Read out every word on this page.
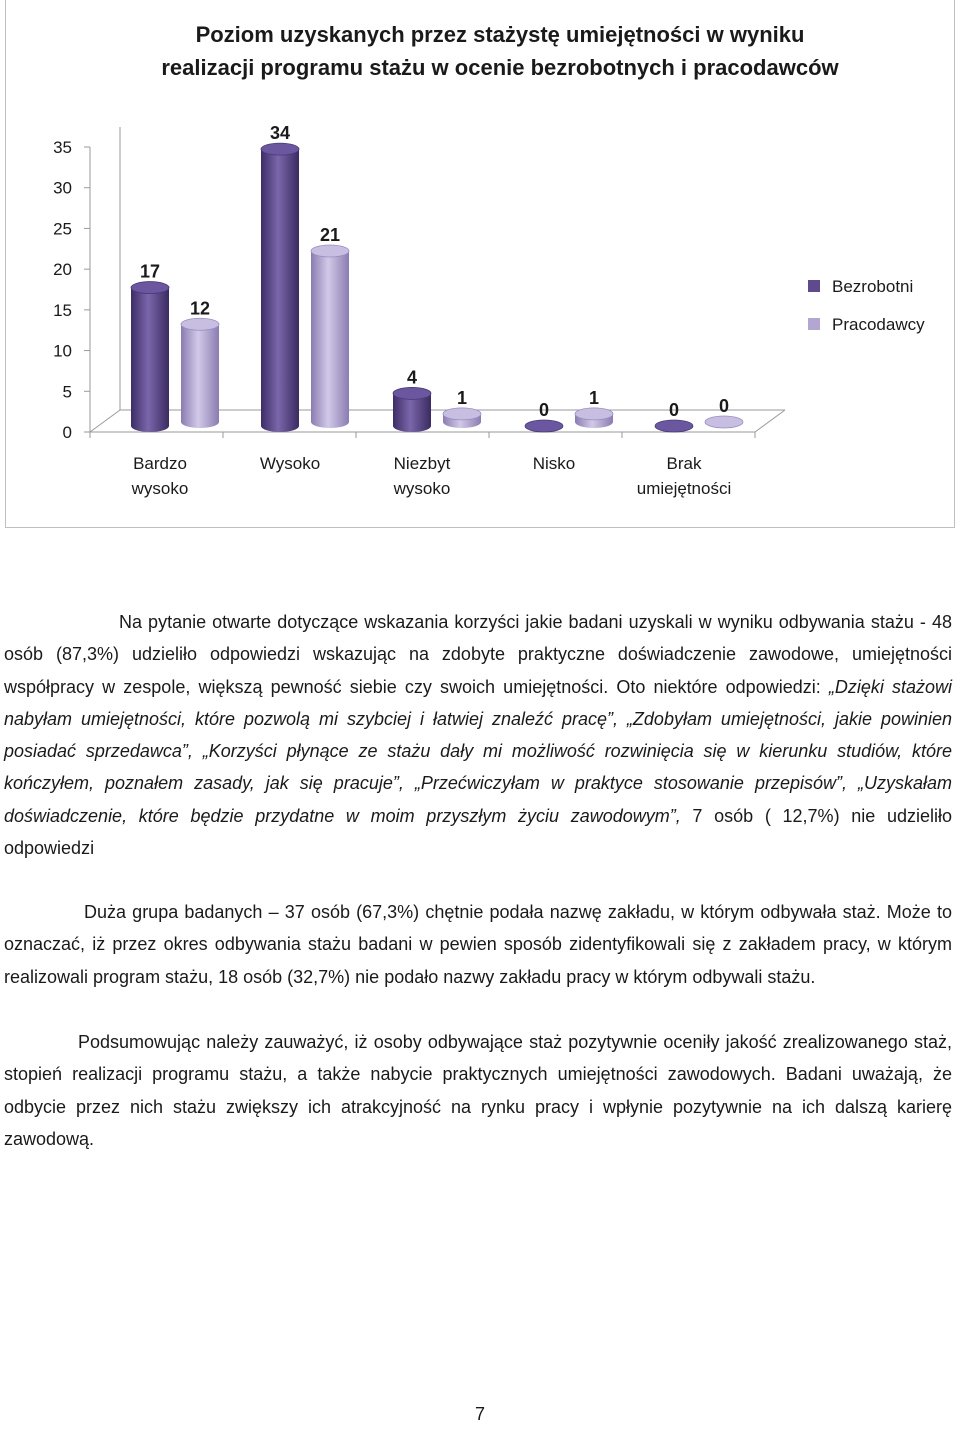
Poziom uzyskanych przez stażystę umiejętności w wyniku
realizacji programu stażu w ocenie bezrobotnych i pracodawców
0
5
10
15
20
25
30
35
17
12
Bardzo
wysoko
34
21
Wysoko
4
1
Niezbyt
wysoko
0
1
Nisko
0 0
Brak
umiejętności
Bezrobotni
Pracodawcy

Na pytanie otwarte dotyczące wskazania korzyści jakie badani uzyskali w wyniku odbywania stażu - 48 osób (87,3%) udzieliło odpowiedzi wskazując na zdobyte praktyczne doświadczenie zawodowe, umiejętności współpracy w zespole, większą pewność siebie czy swoich umiejętności. Oto niektóre odpowiedzi: „Dzięki stażowi nabyłam umiejętności, które pozwolą mi szybciej i łatwiej znaleźć pracę”, „Zdobyłam umiejętności, jakie powinien posiadać sprzedawca”, „Korzyści płynące ze stażu dały mi możliwość rozwinięcia się w kierunku studiów, które kończyłem, poznałem zasady, jak się pracuje”, „Przećwiczyłam w praktyce stosowanie przepisów”, „Uzyskałam doświadczenie, które będzie przydatne w moim przyszłym życiu zawodowym”, 7 osób ( 12,7%) nie udzieliło odpowiedzi

Duża grupa badanych – 37 osób (67,3%) chętnie podała nazwę zakładu, w którym odbywała staż. Może to oznaczać, iż przez okres odbywania stażu badani w pewien sposób zidentyfikowali się z zakładem pracy, w którym realizowali program stażu, 18 osób (32,7%) nie podało nazwy zakładu pracy w którym odbywali stażu.

Podsumowując należy zauważyć, iż osoby odbywające staż pozytywnie oceniły jakość zrealizowanego staż, stopień realizacji programu stażu, a także nabycie praktycznych umiejętności zawodowych. Badani uważają, że odbycie przez nich stażu zwiększy ich atrakcyjność na rynku pracy i wpłynie pozytywnie na ich dalszą karierę zawodową.

7
